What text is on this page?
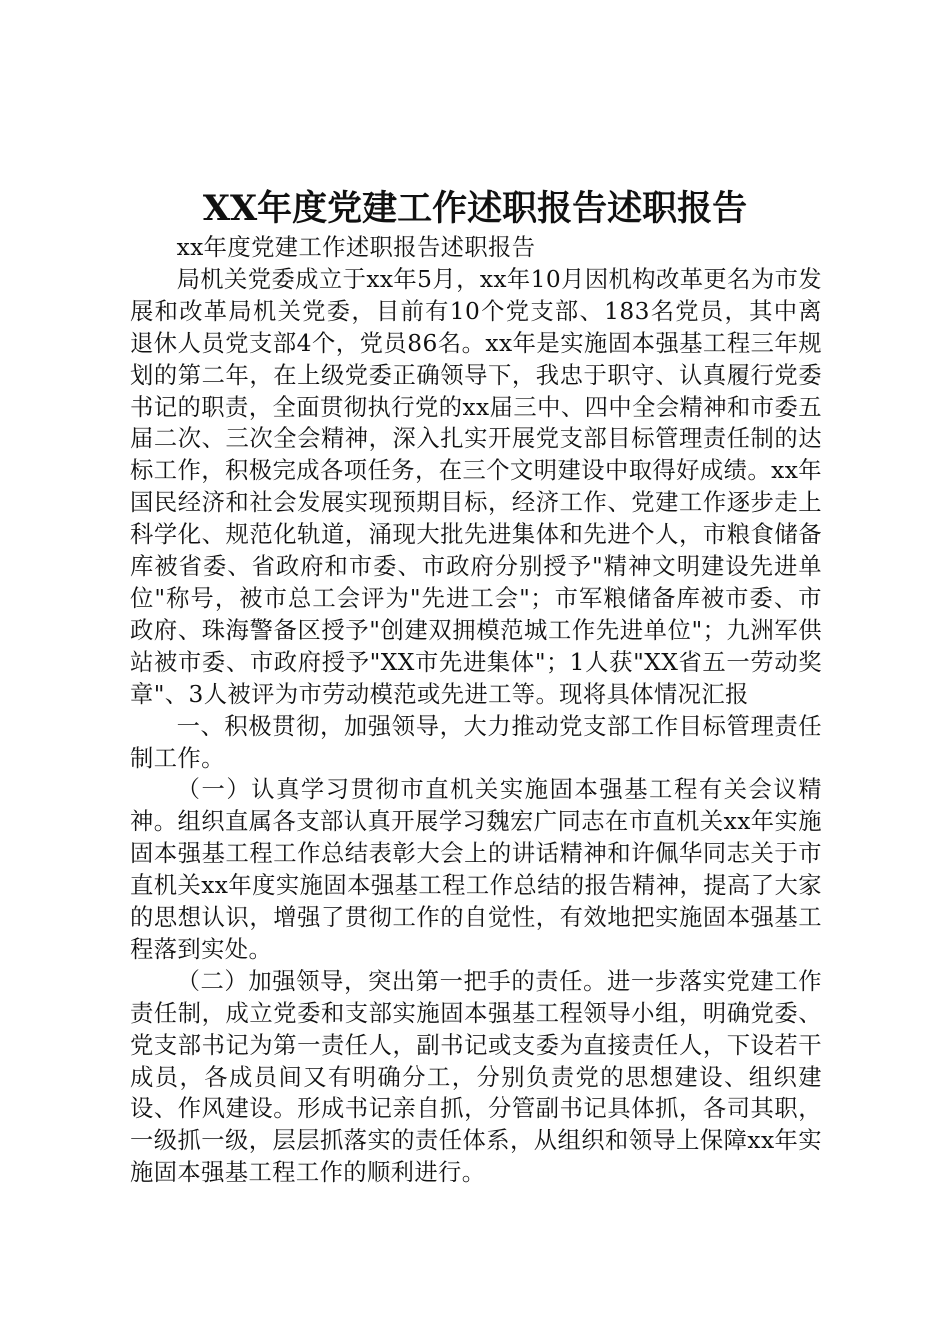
XX年度党建工作述职报告述职报告

xx年度党建工作述职报告述职报告

局机关党委成立于xx年5月，xx年10月因机构改革更名为市发展和改革局机关党委，目前有10个党支部、183名党员，其中离退休人员党支部4个，党员86名。xx年是实施固本强基工程三年规划的第二年，在上级党委正确领导下，我忠于职守、认真履行党委书记的职责，全面贯彻执行党的xx届三中、四中全会精神和市委五届二次、三次全会精神，深入扎实开展党支部目标管理责任制的达标工作，积极完成各项任务，在三个文明建设中取得好成绩。xx年国民经济和社会发展实现预期目标，经济工作、党建工作逐步走上科学化、规范化轨道，涌现大批先进集体和先进个人，市粮食储备库被省委、省政府和市委、市政府分别授予"精神文明建设先进单位"称号，被市总工会评为"先进工会"；市军粮储备库被市委、市政府、珠海警备区授予"创建双拥模范城工作先进单位"；九洲军供站被市委、市政府授予"XX市先进集体"；1人获"XX省五一劳动奖章"、3人被评为市劳动模范或先进工等。现将具体情况汇报

一、积极贯彻，加强领导，大力推动党支部工作目标管理责任制工作。

（一）认真学习贯彻市直机关实施固本强基工程有关会议精神。组织直属各支部认真开展学习魏宏广同志在市直机关xx年实施固本强基工程工作总结表彰大会上的讲话精神和许佩华同志关于市直机关xx年度实施固本强基工程工作总结的报告精神，提高了大家的思想认识，增强了贯彻工作的自觉性，有效地把实施固本强基工程落到实处。

（二）加强领导，突出第一把手的责任。进一步落实党建工作责任制，成立党委和支部实施固本强基工程领导小组，明确党委、党支部书记为第一责任人，副书记或支委为直接责任人，下设若干成员，各成员间又有明确分工，分别负责党的思想建设、组织建设、作风建设。形成书记亲自抓，分管副书记具体抓，各司其职，一级抓一级，层层抓落实的责任体系，从组织和领导上保障xx年实施固本强基工程工作的顺利进行。
